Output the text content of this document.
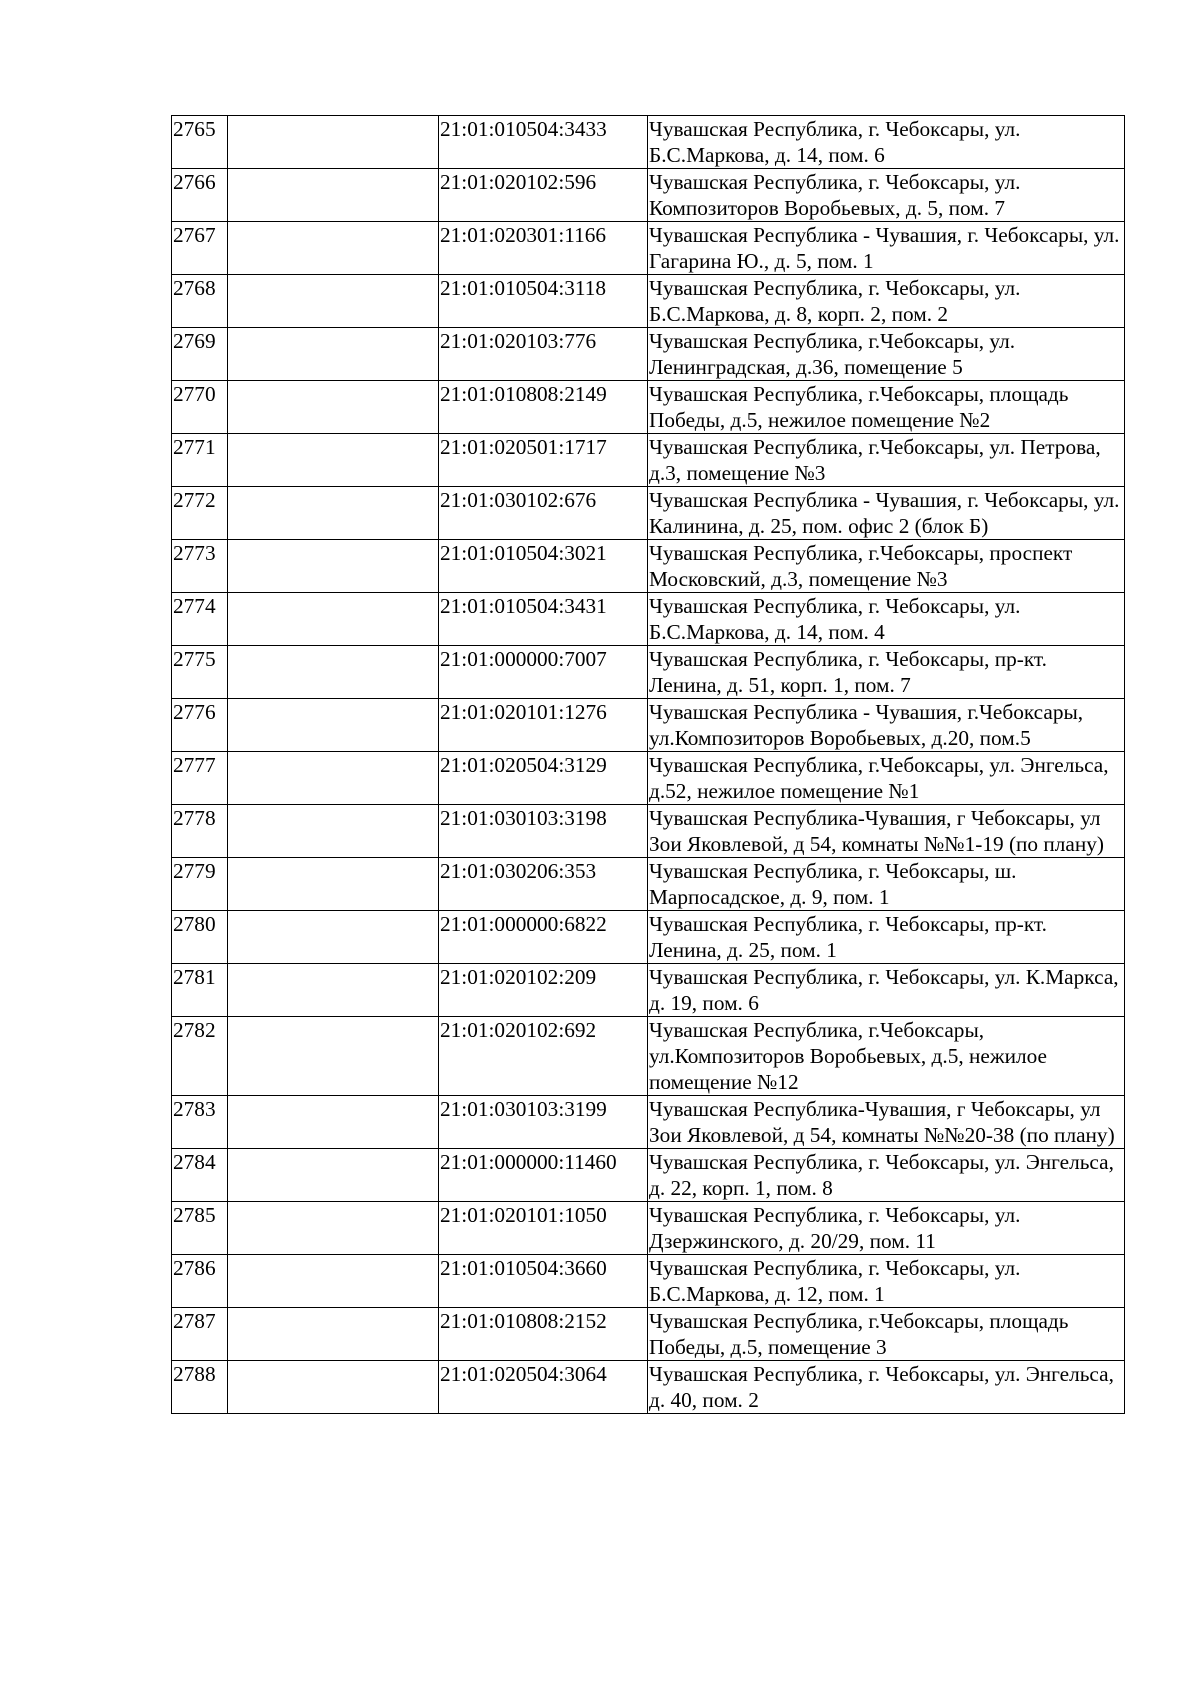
2765		21:01:010504:3433	Чувашская Республика, г. Чебоксары, ул. Б.С.Маркова, д. 14, пом. 6
2766		21:01:020102:596	Чувашская Республика, г. Чебоксары, ул. Композиторов Воробьевых, д. 5, пом. 7
2767		21:01:020301:1166	Чувашская Республика - Чувашия, г. Чебоксары, ул. Гагарина Ю., д. 5, пом. 1
2768		21:01:010504:3118	Чувашская Республика, г. Чебоксары, ул. Б.С.Маркова, д. 8, корп. 2, пом. 2
2769		21:01:020103:776	Чувашская Республика, г.Чебоксары, ул. Ленинградская, д.36, помещение 5
2770		21:01:010808:2149	Чувашская Республика, г.Чебоксары, площадь Победы, д.5, нежилое помещение №2
2771		21:01:020501:1717	Чувашская Республика, г.Чебоксары, ул. Петрова, д.3, помещение №3
2772		21:01:030102:676	Чувашская Республика - Чувашия, г. Чебоксары, ул. Калинина, д. 25, пом. офис 2 (блок Б)
2773		21:01:010504:3021	Чувашская Республика, г.Чебоксары, проспект Московский, д.3, помещение №3
2774		21:01:010504:3431	Чувашская Республика, г. Чебоксары, ул. Б.С.Маркова, д. 14, пом. 4
2775		21:01:000000:7007	Чувашская Республика, г. Чебоксары, пр-кт. Ленина, д. 51, корп. 1, пом. 7
2776		21:01:020101:1276	Чувашская Республика - Чувашия, г.Чебоксары, ул.Композиторов Воробьевых, д.20, пом.5
2777		21:01:020504:3129	Чувашская Республика, г.Чебоксары, ул. Энгельса, д.52, нежилое помещение №1
2778		21:01:030103:3198	Чувашская Республика-Чувашия, г Чебоксары, ул Зои Яковлевой, д 54, комнаты №№1-19 (по плану)
2779		21:01:030206:353	Чувашская Республика, г. Чебоксары, ш. Марпосадское, д. 9, пом. 1
2780		21:01:000000:6822	Чувашская Республика, г. Чебоксары, пр-кт. Ленина, д. 25, пом. 1
2781		21:01:020102:209	Чувашская Республика, г. Чебоксары, ул. К.Маркса, д. 19, пом. 6
2782		21:01:020102:692	Чувашская Республика, г.Чебоксары, ул.Композиторов Воробьевых, д.5, нежилое помещение №12
2783		21:01:030103:3199	Чувашская Республика-Чувашия, г Чебоксары, ул Зои Яковлевой, д 54, комнаты №№20-38 (по плану)
2784		21:01:000000:11460	Чувашская Республика, г. Чебоксары, ул. Энгельса, д. 22, корп. 1, пом. 8
2785		21:01:020101:1050	Чувашская Республика, г. Чебоксары, ул. Дзержинского, д. 20/29, пом. 11
2786		21:01:010504:3660	Чувашская Республика, г. Чебоксары, ул. Б.С.Маркова, д. 12, пом. 1
2787		21:01:010808:2152	Чувашская Республика, г.Чебоксары, площадь Победы, д.5, помещение 3
2788		21:01:020504:3064	Чувашская Республика, г. Чебоксары, ул. Энгельса, д. 40, пом. 2
